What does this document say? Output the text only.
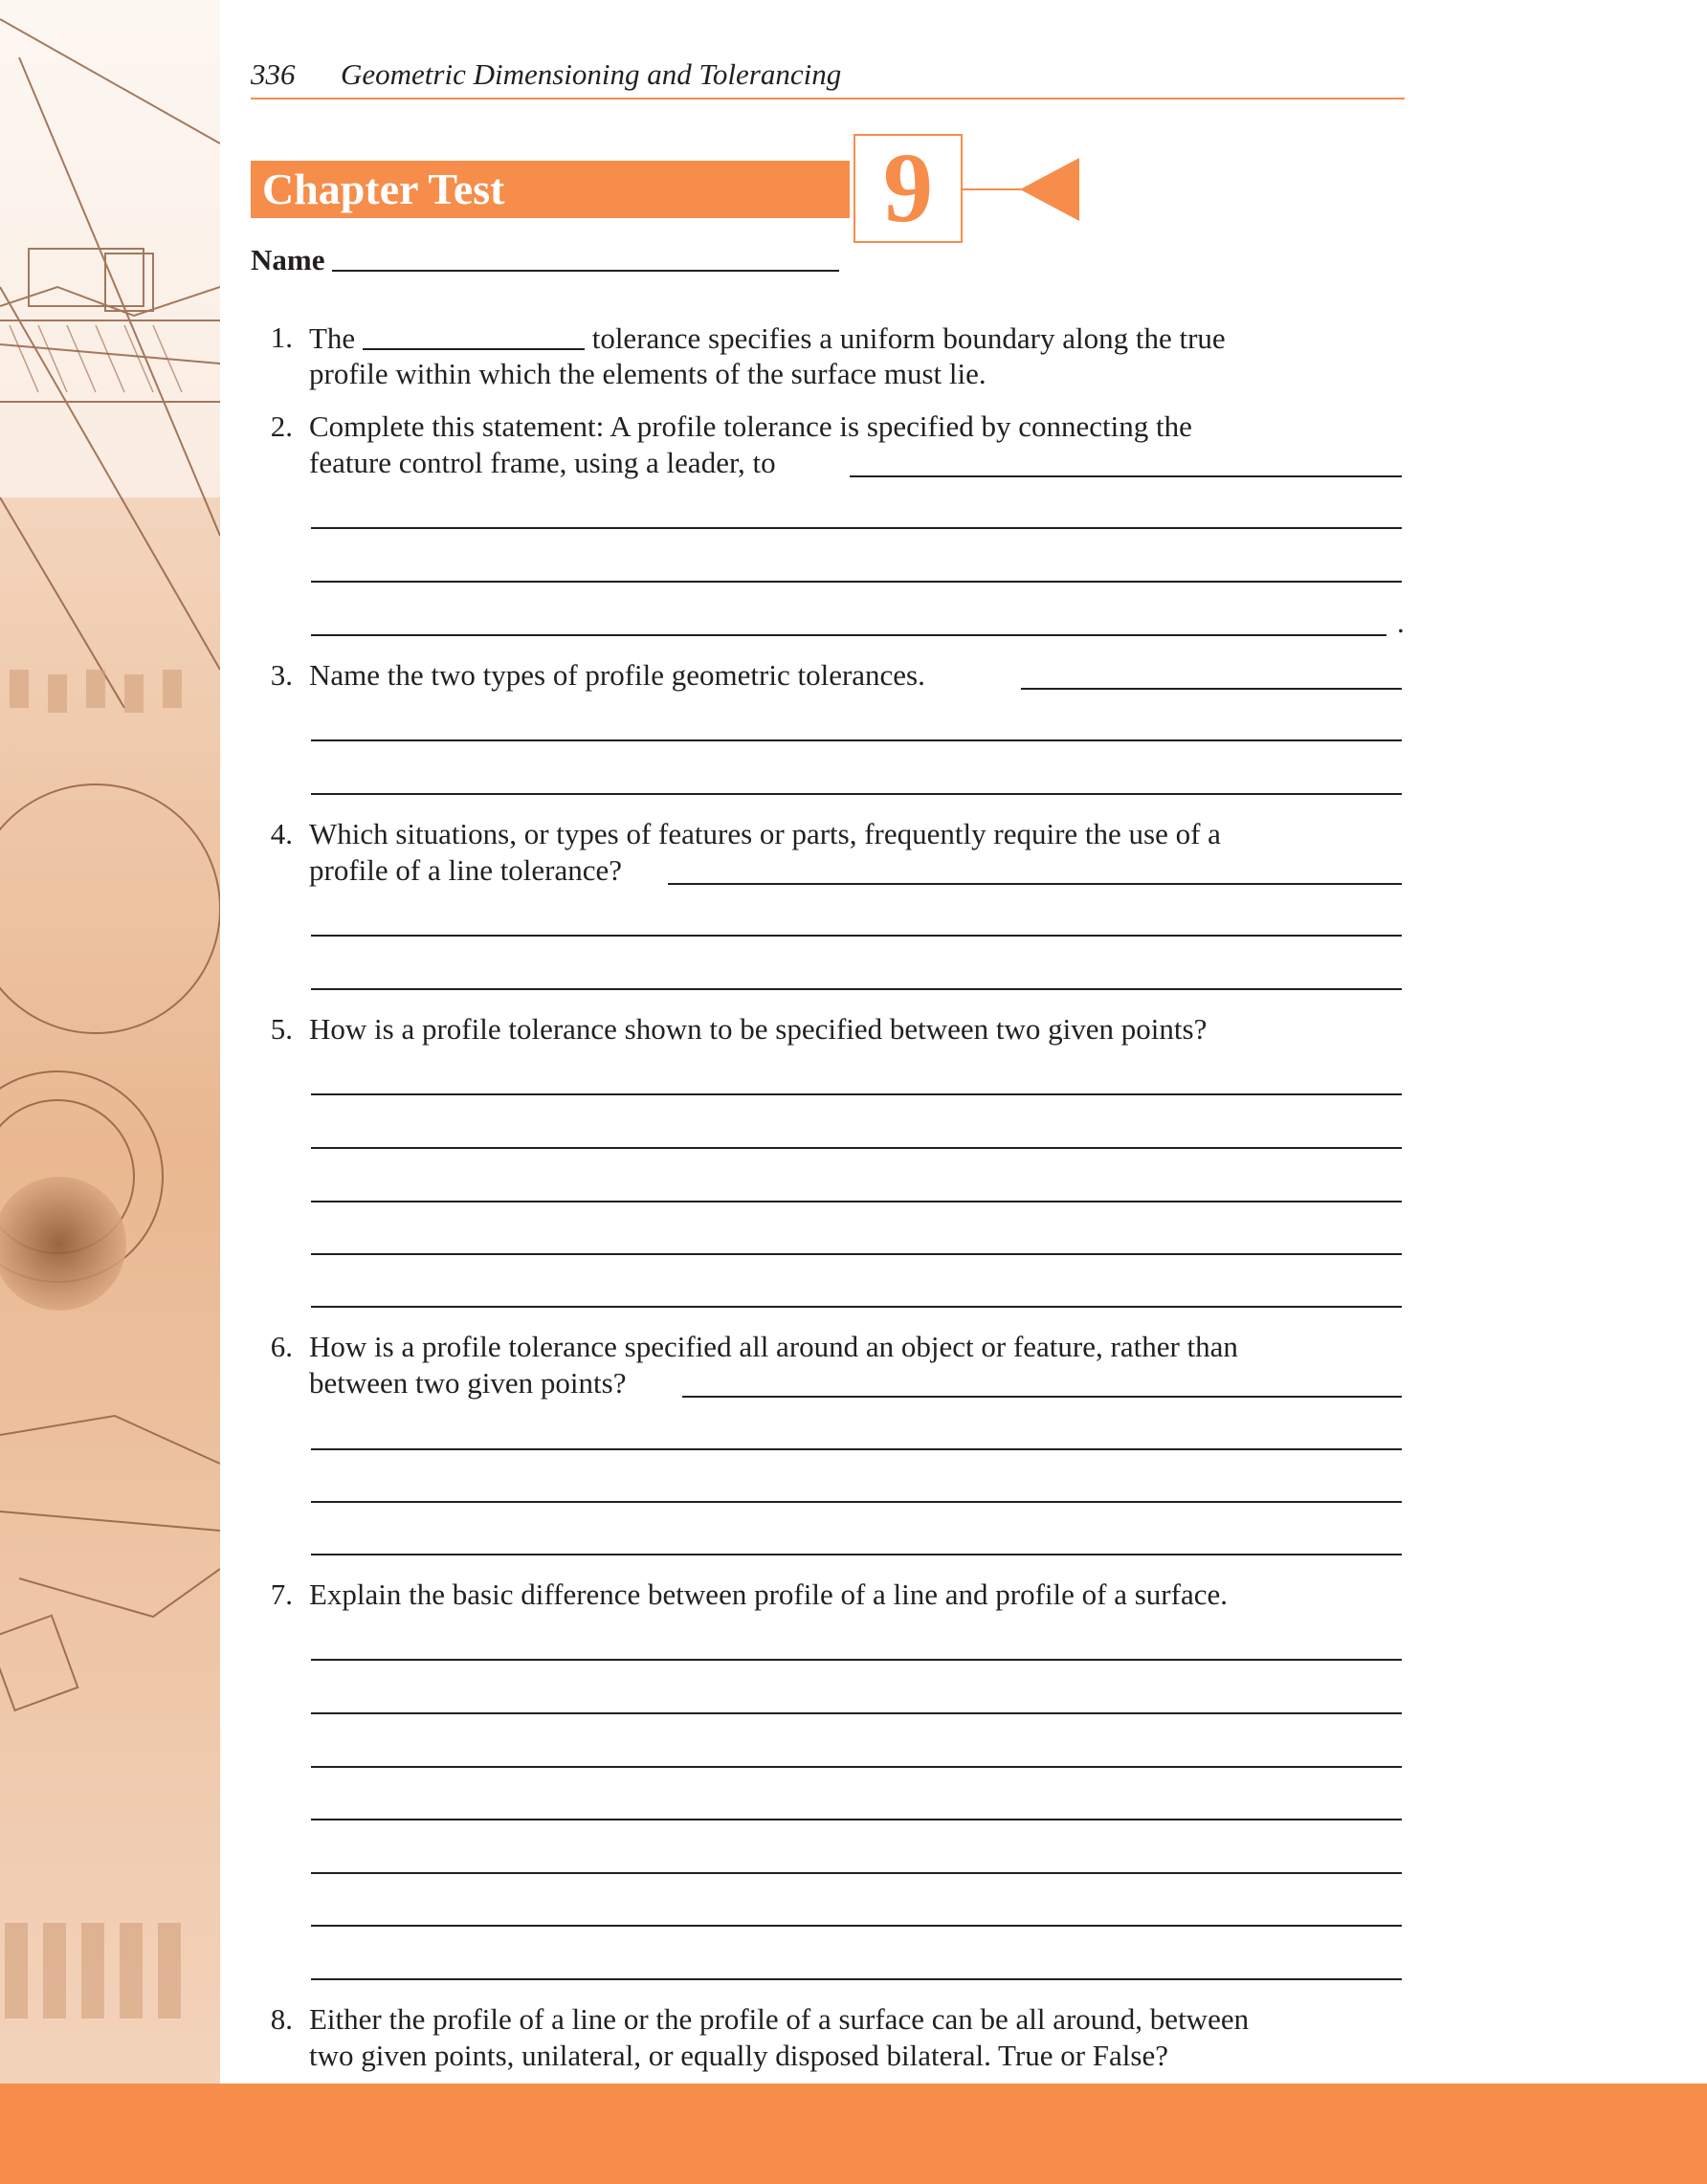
336 Geometric Dimensioning and Tolerancing
Chapter Test	9
Name
1. The	tolerance specifies a uniform boundary along the true
profile within which the elements of the surface must lie.
2. Complete this statement: A profile tolerance is specified by connecting the
feature control frame, using a leader, to
.
3. Name the two types of profile geometric tolerances.
4. Which situations, or types of features or parts, frequently require the use of a
profile of a line tolerance?
5. How is a profile tolerance shown to be specified between two given points?
6. How is a profile tolerance specified all around an object or feature, rather than
between two given points?
7. Explain the basic difference between profile of a line and profile of a surface.
8. Either the profile of a line or the profile of a surface can be all around, between
two given points, unilateral, or equally disposed bilateral. True or False?
